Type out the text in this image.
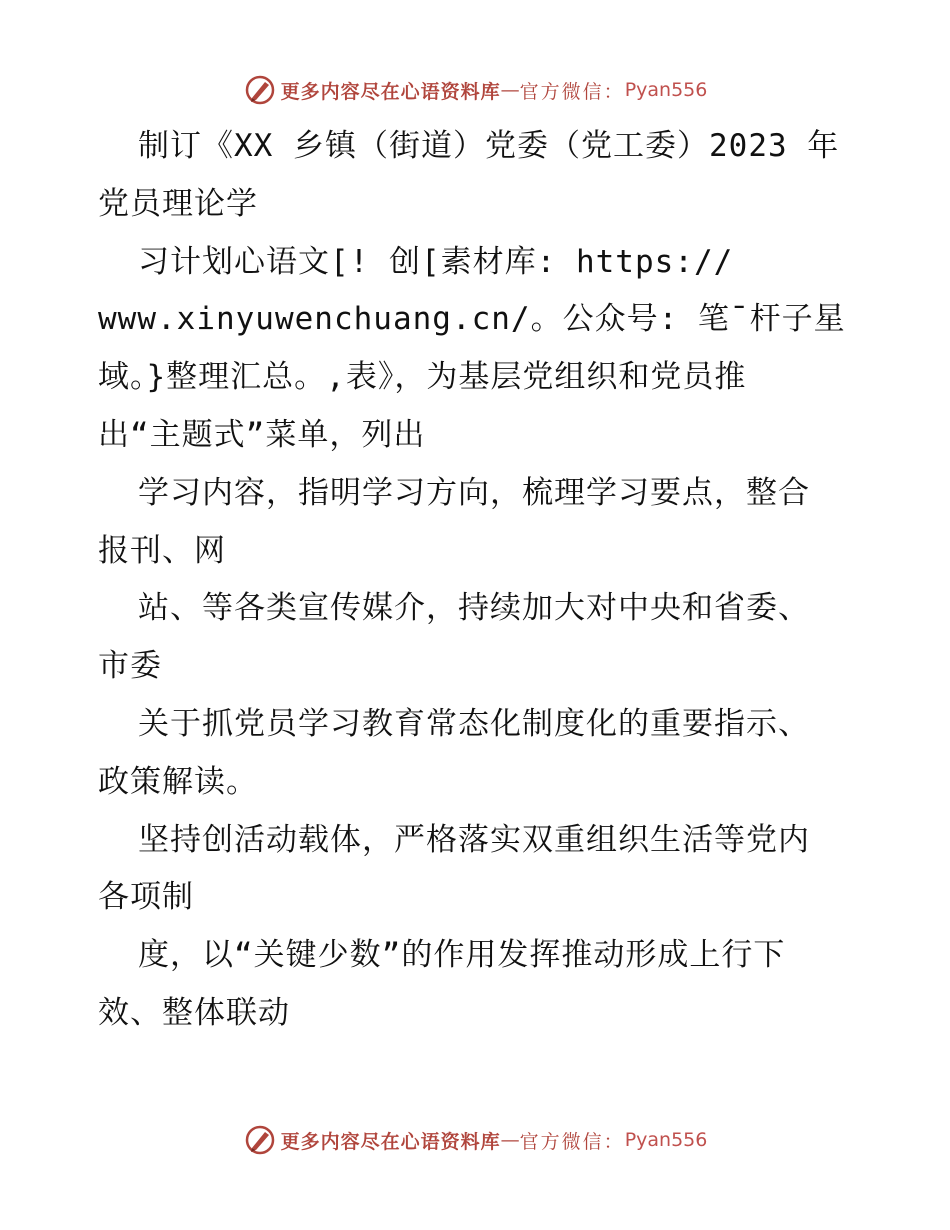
更多内容尽在心语资料库 — 官方微信： Pyan556
制订《XX 乡镇（街道）党委（党工委）2023 年
党员理论学
习计划心语文[! 创[素材库: https://
www.xinyuwenchuang.cn/。公众号: 笔¯杆子星
域。}整理汇总。,表》，为基层党组织和党员推
出“主题式”菜单，列出
学习内容，指明学习方向，梳理学习要点，整合
报刊、网
站、等各类宣传媒介，持续加大对中央和省委、
市委
关于抓党员学习教育常态化制度化的重要指示、
政策解读。
坚持创活动载体，严格落实双重组织生活等党内
各项制
度，以“关键少数”的作用发挥推动形成上行下
效、整体联动
更多内容尽在心语资料库 — 官方微信： Pyan556
